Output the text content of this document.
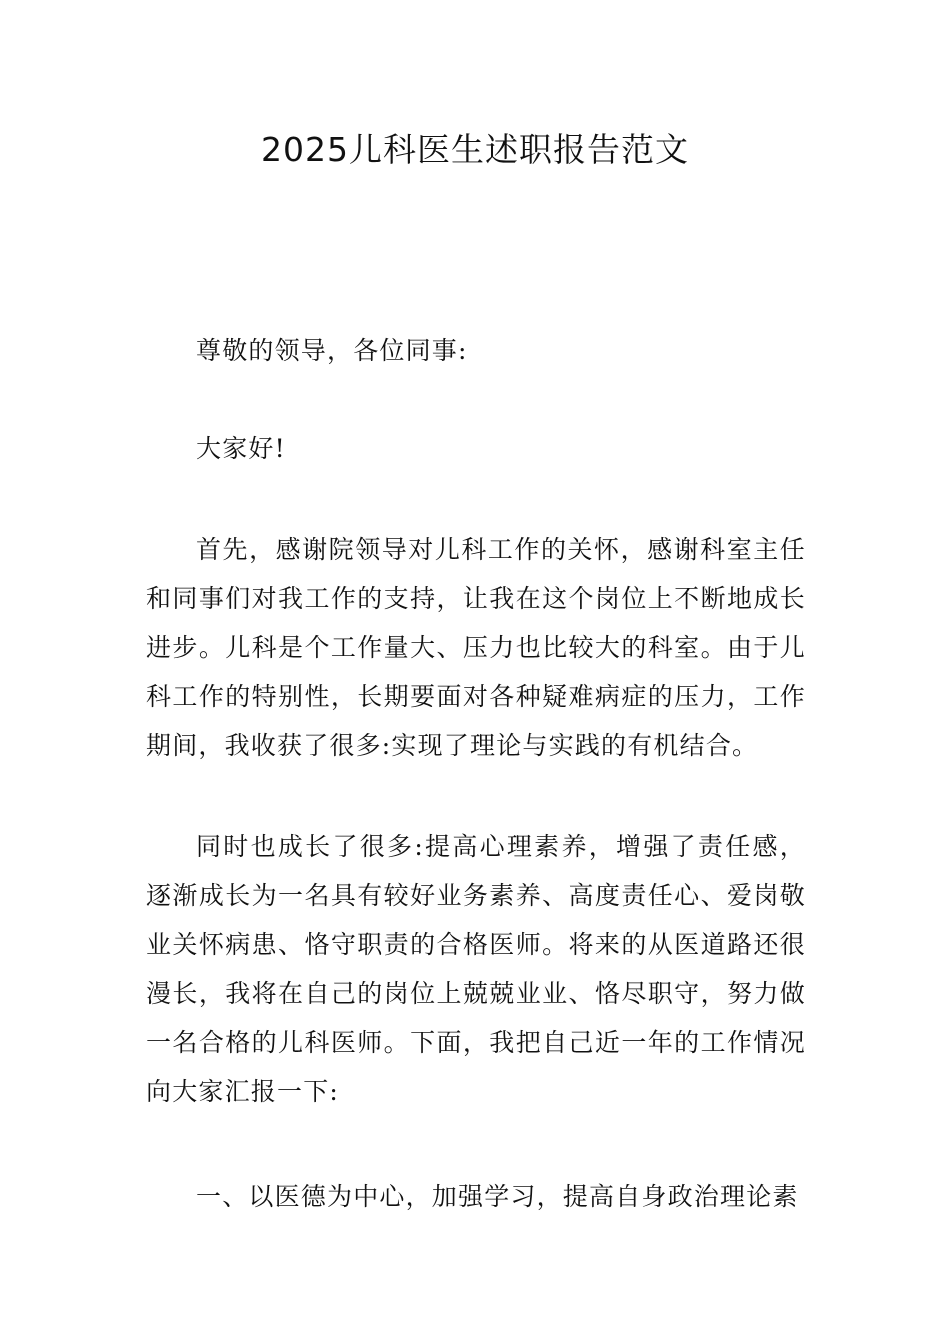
2025儿科医生述职报告范文

尊敬的领导，各位同事:

大家好!

首先，感谢院领导对儿科工作的关怀，感谢科室主任和同事们对我工作的支持，让我在这个岗位上不断地成长进步。儿科是个工作量大、压力也比较大的科室。由于儿科工作的特别性，长期要面对各种疑难病症的压力，工作期间，我收获了很多:实现了理论与实践的有机结合。

同时也成长了很多:提高心理素养，增强了责任感，逐渐成长为一名具有较好业务素养、高度责任心、爱岗敬业关怀病患、恪守职责的合格医师。将来的从医道路还很漫长，我将在自己的岗位上兢兢业业、恪尽职守，努力做一名合格的儿科医师。下面，我把自己近一年的工作情况向大家汇报一下:

一、以医德为中心，加强学习，提高自身政治理论素
